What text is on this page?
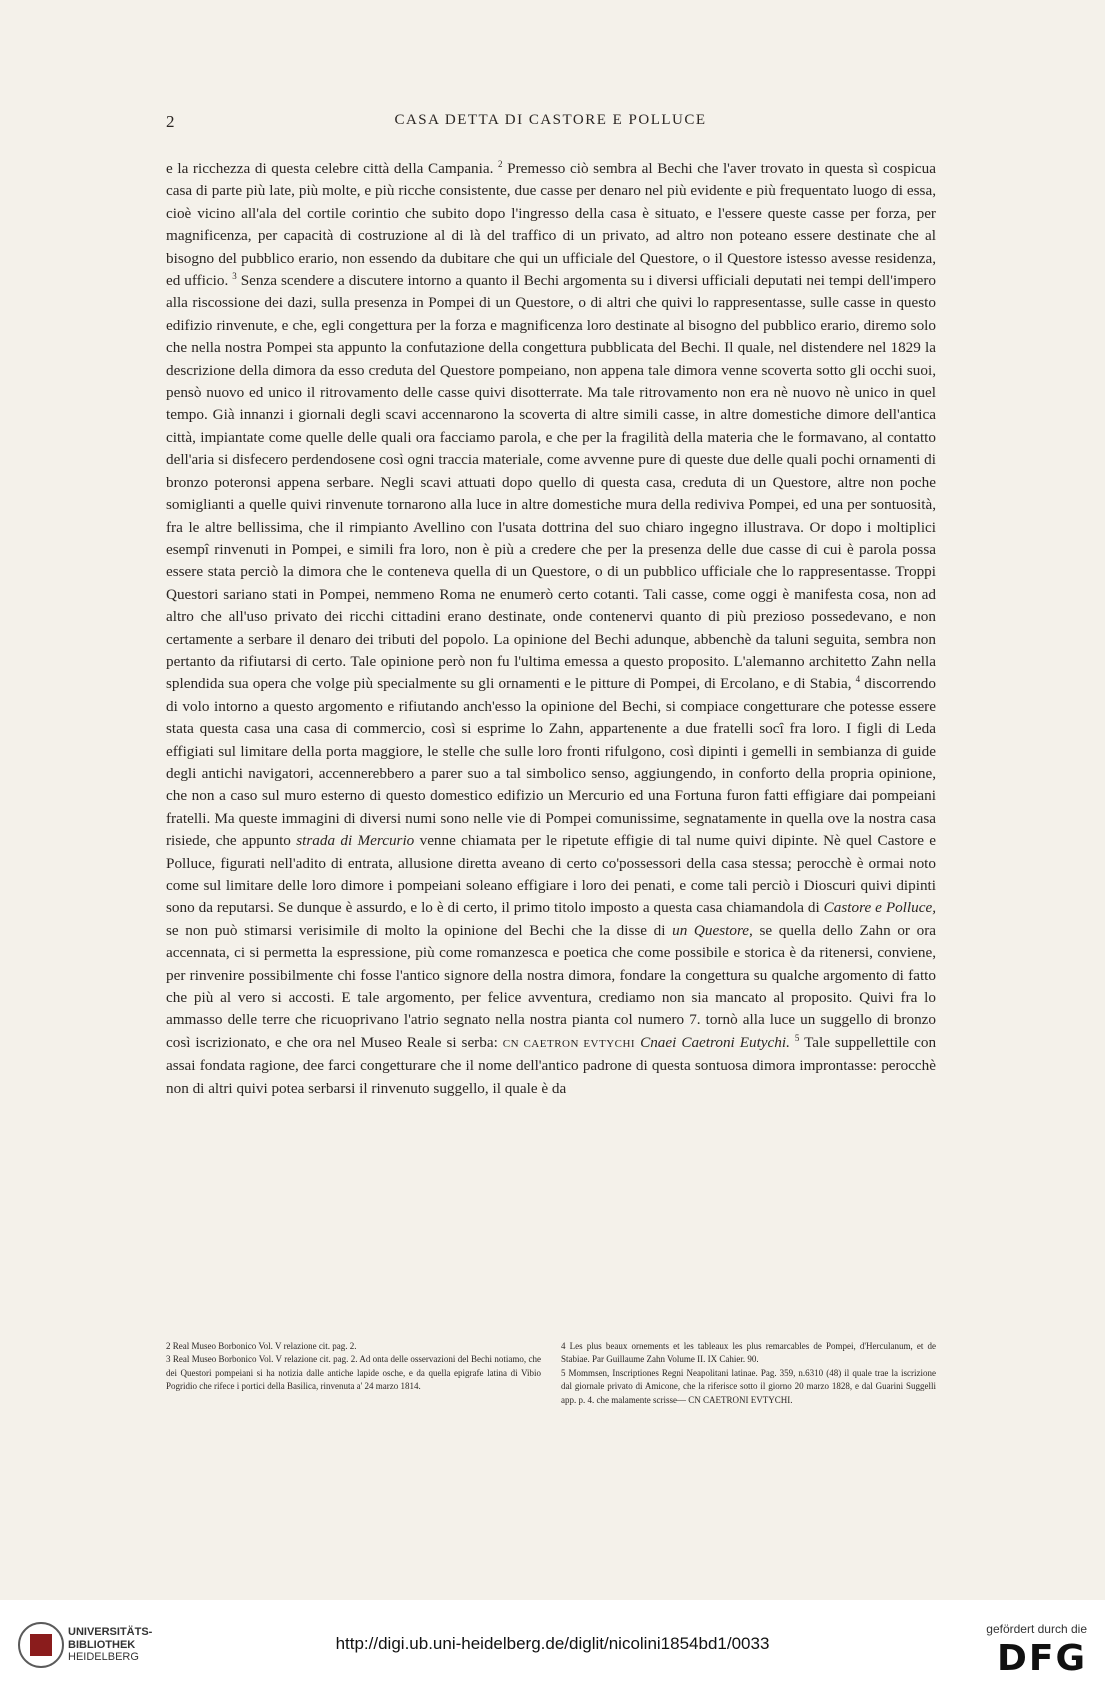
2	CASA DETTA DI CASTORE E POLLUCE

e la ricchezza di questa celebre città della Campania. $^2$ Premesso ciò sembra al Bechi che l'aver trovato in questa sì cospicua casa di parte più late, più molte, e più ricche consistente, due casse per denaro nel più evidente e più frequentato luogo di essa, cioè vicino all'ala del cortile corintio che subito dopo l'ingresso della casa è situato, e l'essere queste casse per forza, per magnificenza, per capacità di costruzione al di là del traffico di un privato, ad altro non poteano essere destinate che al bisogno del pubblico erario, non essendo da dubitare che qui un ufficiale del Questore, o il Questore istesso avesse residenza, ed ufficio. $^3$ Senza scendere a discutere intorno a quanto il Bechi argomenta su i diversi ufficiali deputati nei tempi dell'impero alla riscossione dei dazi, sulla presenza in Pompei di un Questore, o di altri che quivi lo rappresentasse, sulle casse in questo edifizio rinvenute, e che, egli congettura per la forza e magnificenza loro destinate al bisogno del pubblico erario, diremo solo che nella nostra Pompei sta appunto la confutazione della congettura pubblicata del Bechi. Il quale, nel distendere nel 1829 la descrizione della dimora da esso creduta del Questore pompeiano, non appena tale dimora venne scoverta sotto gli occhi suoi, pensò nuovo ed unico il ritrovamento delle casse quivi disotterrate. Ma tale ritrovamento non era nè nuovo nè unico in quel tempo. Già innanzi i giornali degli scavi accennarono la scoverta di altre simili casse, in altre domestiche dimore dell'antica città, impiantate come quelle delle quali ora facciamo parola, e che per la fragilità della materia che le formavano, al contatto dell'aria si disfecero perdendosene così ogni traccia materiale, come avvenne pure di queste due delle quali pochi ornamenti di bronzo poteronsi appena serbare. Negli scavi attuati dopo quello di questa casa, creduta di un Questore, altre non poche somiglianti a quelle quivi rinvenute tornarono alla luce in altre domestiche mura della rediviva Pompei, ed una per sontuosità, fra le altre bellissima, che il rimpianto Avellino con l'usata dottrina del suo chiaro ingegno illustrava. Or dopo i moltiplici esempî rinvenuti in Pompei, e simili fra loro, non è più a credere che per la presenza delle due casse di cui è parola possa essere stata perciò la dimora che le conteneva quella di un Questore, o di un pubblico ufficiale che lo rappresentasse. Troppi Questori sariano stati in Pompei, nemmeno Roma ne enumerò certo cotanti. Tali casse, come oggi è manifesta cosa, non ad altro che all'uso privato dei ricchi cittadini erano destinate, onde contenervi quanto di più prezioso possedevano, e non certamente a serbare il denaro dei tributi del popolo. La opinione del Bechi adunque, abbenchè da taluni seguita, sembra non pertanto da rifiutarsi di certo. Tale opinione però non fu l'ultima emessa a questo proposito. L'alemanno architetto Zahn nella splendida sua opera che volge più specialmente su gli ornamenti e le pitture di Pompei, di Ercolano, e di Stabia, $^4$ discorrendo di volo intorno a questo argomento e rifiutando anch'esso la opinione del Bechi, si compiace congetturare che potesse essere stata questa casa una casa di commercio, così si esprime lo Zahn, appartenente a due fratelli socî fra loro. I figli di Leda effigiati sul limitare della porta maggiore, le stelle che sulle loro fronti rifulgono, così dipinti i gemelli in sembianza di guide degli antichi navigatori, accennerebbero a parer suo a tal simbolico senso, aggiungendo, in conforto della propria opinione, che non a caso sul muro esterno di questo domestico edifizio un Mercurio ed una Fortuna furon fatti effigiare dai pompeiani fratelli. Ma queste immagini di diversi numi sono nelle vie di Pompei comunissime, segnatamente in quella ove la nostra casa risiede, che appunto strada di Mercurio venne chiamata per le ripetute effigie di tal nume quivi dipinte. Nè quel Castore e Polluce, figurati nell'adito di entrata, allusione diretta aveano di certo co'possessori della casa stessa; perocchè è ormai noto come sul limitare delle loro dimore i pompeiani soleano effigiare i loro dei penati, e come tali perciò i Dioscuri quivi dipinti sono da reputarsi. Se dunque è assurdo, e lo è di certo, il primo titolo imposto a questa casa chiamandola di Castore e Polluce, se non può stimarsi verisimile di molto la opinione del Bechi che la disse di un Questore, se quella dello Zahn or ora accennata, ci si permetta la espressione, più come romanzesca e poetica che come possibile e storica è da ritenersi, conviene, per rinvenire possibilmente chi fosse l'antico signore della nostra dimora, fondare la congettura su qualche argomento di fatto che più al vero si accosti. E tale argomento, per felice avventura, crediamo non sia mancato al proposito. Quivi fra lo ammasso delle terre che ricuoprivano l'atrio segnato nella nostra pianta col numero 7. tornò alla luce un suggello di bronzo così iscrizionato, e che ora nel Museo Reale si serba: CN CAETRON EVTYCHI Cnaei Caetroni Eutychi. $^5$ Tale suppellettile con assai fondata ragione, dee farci congetturare che il nome dell'antico padrone di questa sontuosa dimora improntasse: perocchè non di altri quivi potea serbarsi il rinvenuto suggello, il quale è da

2 Real Museo Borbonico Vol. V relazione cit. pag. 2.

3 Real Museo Borbonico Vol. V relazione cit. pag. 2. Ad onta delle osservazioni del Bechi notiamo, che dei Questori pompeiani si ha notizia dalle antiche lapide osche, e da quella epigrafe latina di Vibio Pogridio che rifece i portici della Basilica, rinvenuta a' 24 marzo 1814.

4 Les plus beaux ornements et les tableaux les plus remarcables de Pompei, d'Herculanum, et de Stabiae. Par Guillaume Zahn Volume II. IX Cahier. 90.

5 Mommsen, Inscriptiones Regni Neapolitani latinae. Pag. 359, n.6310 (48) il quale trae la iscrizione dal giornale privato di Amicone, che la riferisce sotto il giorno 20 marzo 1828, e dal Guarini Suggelli app. p. 4. che malamente scrisse— CN CAETRONI EVTYCHI.

UNIVERSITÄTS-
BIBLIOTHEK
HEIDELBERG
http://digi.ub.uni-heidelberg.de/diglit/nicolini1854bd1/0033
gefördert durch die
DFG
